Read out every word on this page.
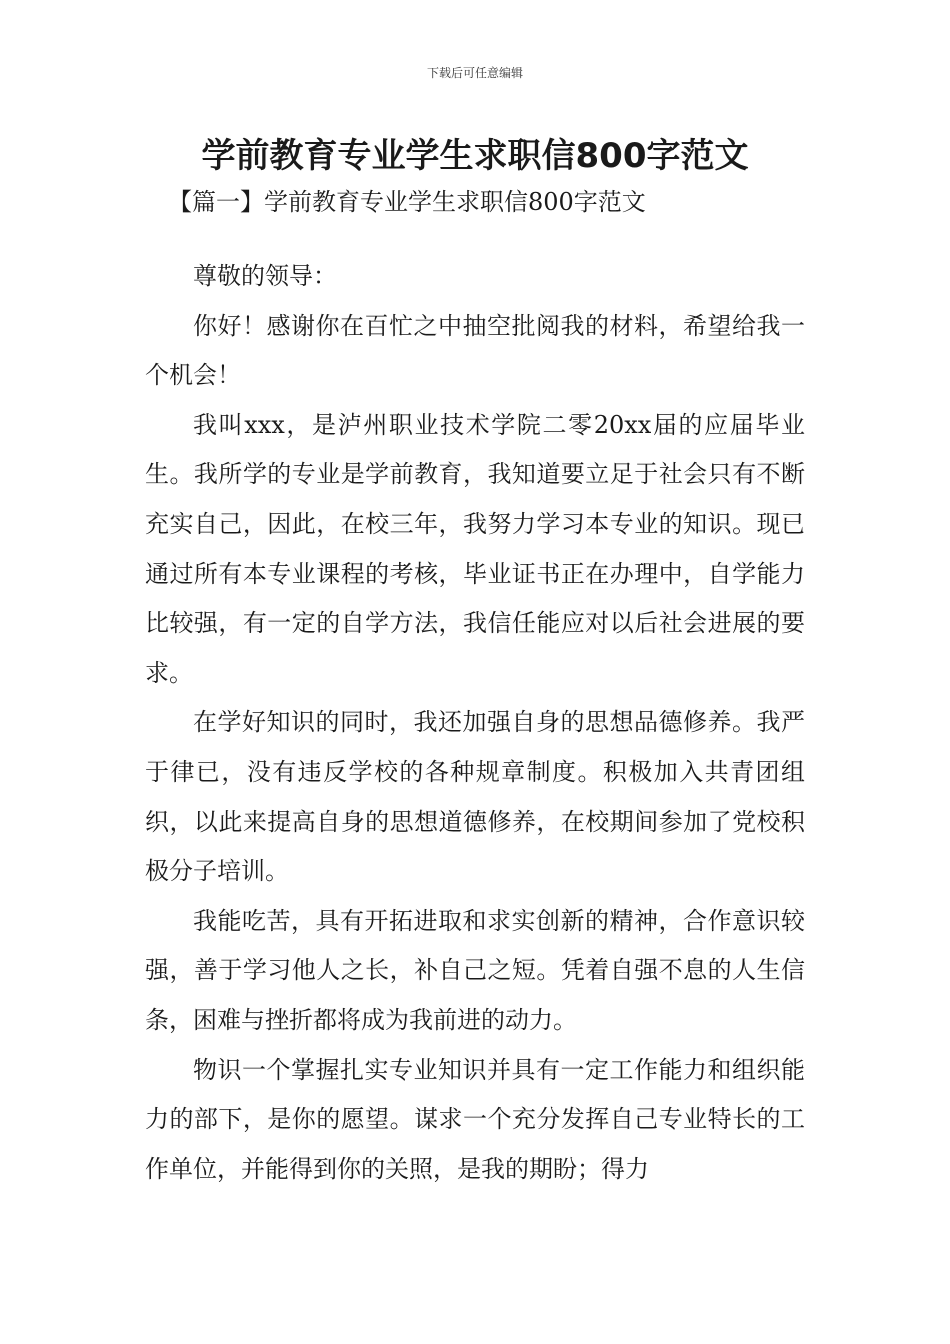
下载后可任意编辑
学前教育专业学生求职信800字范文
【篇一】学前教育专业学生求职信800字范文

尊敬的领导：

你好！感谢你在百忙之中抽空批阅我的材料，希望给我一个机会！

我叫xxx，是泸州职业技术学院二零20xx届的应届毕业生。我所学的专业是学前教育，我知道要立足于社会只有不断充实自己，因此，在校三年，我努力学习本专业的知识。现已通过所有本专业课程的考核，毕业证书正在办理中，自学能力比较强，有一定的自学方法，我信任能应对以后社会进展的要求。

在学好知识的同时，我还加强自身的思想品德修养。我严于律已，没有违反学校的各种规章制度。积极加入共青团组织，以此来提高自身的思想道德修养，在校期间参加了党校积极分子培训。

我能吃苦，具有开拓进取和求实创新的精神，合作意识较强，善于学习他人之长，补自己之短。凭着自强不息的人生信条，困难与挫折都将成为我前进的动力。

物识一个掌握扎实专业知识并具有一定工作能力和组织能力的部下，是你的愿望。谋求一个充分发挥自己专业特长的工作单位，并能得到你的关照，是我的期盼；得力
